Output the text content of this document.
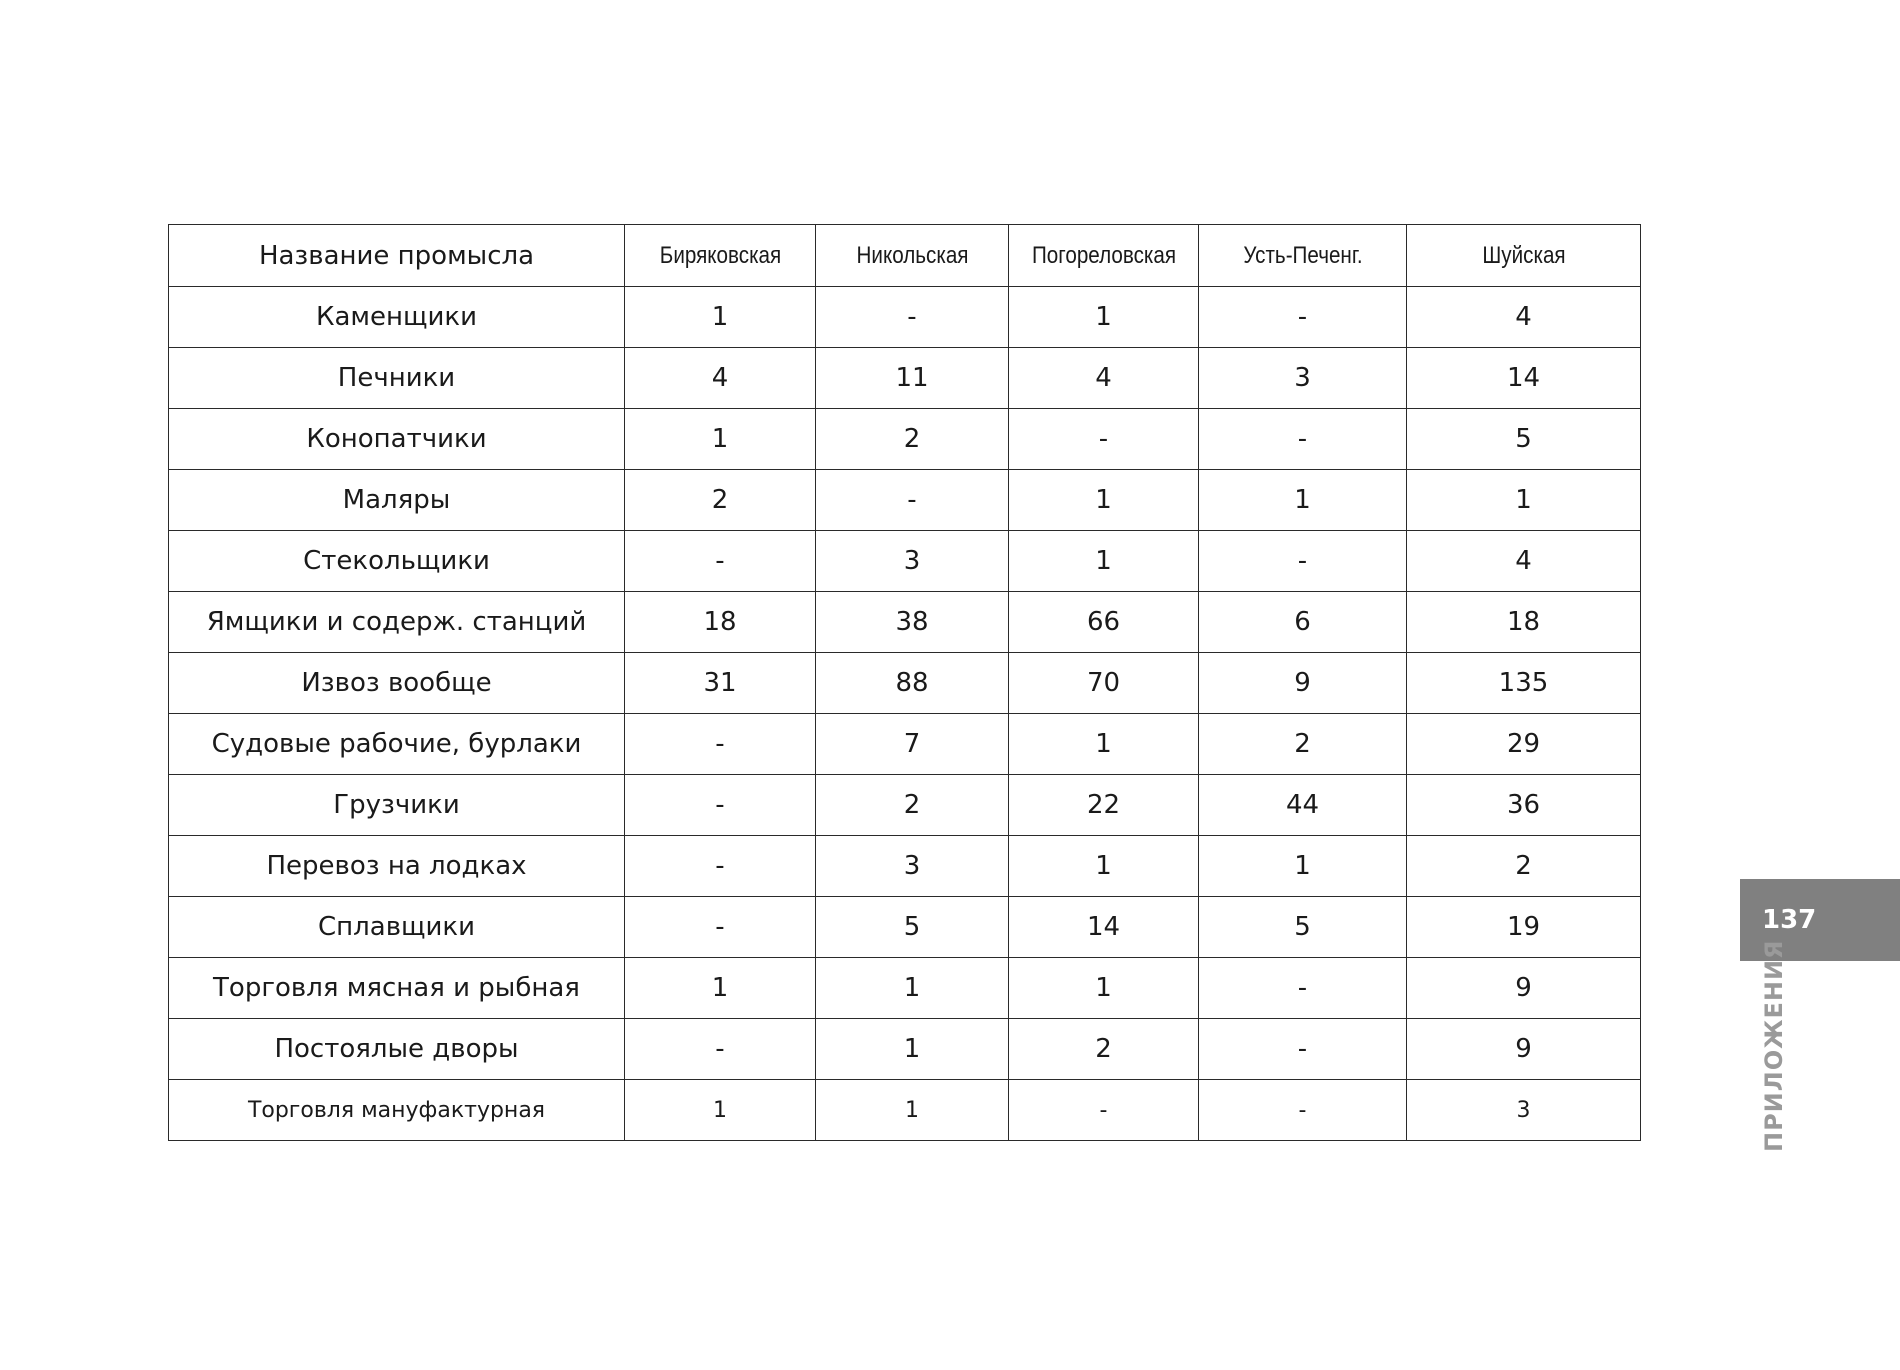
Название промысла	Биряковская	Никольская	Погореловская	Усть-Печенг.	Шуйская
Каменщики	1	-	1	-	4
Печники	4	11	4	3	14
Конопатчики	1	2	-	-	5
Маляры	2	-	1	1	1
Стекольщики	-	3	1	-	4
Ямщики и содерж. станций	18	38	66	6	18
Извоз вообще	31	88	70	9	135
Судовые рабочие, бурлаки	-	7	1	2	29
Грузчики	-	2	22	44	36
Перевоз на лодках	-	3	1	1	2
Сплавщики	-	5	14	5	19
Торговля мясная и рыбная	1	1	1	-	9
Постоялые дворы	-	1	2	-	9
Торговля мануфактурная	1	1	-	-	3
137
ПРИЛОЖЕНИЯ
